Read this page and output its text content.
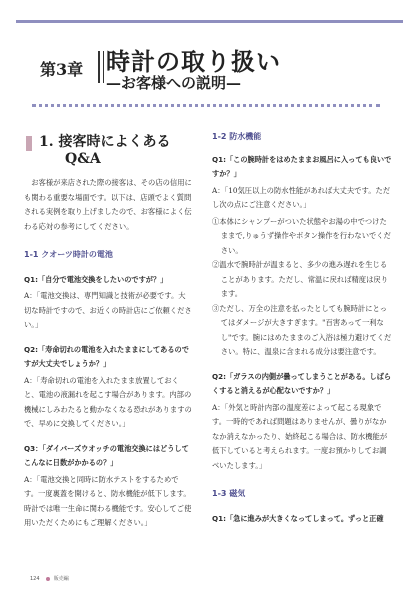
第3章 時計の取り扱い
—お客様への説明—
1. 接客時によくある
Q&A

お客様が来店された際の接客は、その店の信用にも関わる重要な場面です。以下は、店頭でよく質問される実例を取り上げましたので、お客様によく伝わる応対の参考にしてください。

1-1 クオーツ時計の電池

Q1:「自分で電池交換をしたいのですが？」

A：「電池交換は、専門知識と技術が必要です。大切な時計ですので、お近くの時計店にご依頼ください。」

Q2:「寿命切れの電池を入れたままにしてあるのですが大丈夫でしょうか？」

A：「寿命切れの電池を入れたまま放置しておくと、電池の液漏れを起こす場合があります。内部の機械にしみわたると動かなくなる恐れがありますので、早めに交換してください。」

Q3：「ダイバーズウオッチの電池交換にはどうしてこんなに日数がかかるの？」

A：「電池交換と同時に防水テストをするためです。一度裏蓋を開けると、防水機能が低下します。時計では唯一生命に関わる機能です。安心してご使用いただくためにもご理解ください。」

1-2 防水機能

Q1:「この腕時計をはめたままお風呂に入っても良いですか？」

A：「10気圧以上の防水性能があれば大丈夫です。ただし次の点にご注意ください。」

①本体にシャンプーがついた状態やお湯の中でつけたままで,りゅうず操作やボタン操作を行わないでください。

②温水で腕時計が温まると、多少の進み遅れを生じることがあります。ただし、常温に戻れば精度は戻ります。

③ただし、万全の注意を払ったとしても腕時計にとってはダメージが大きすぎます。"百害あって一利なし"です。腕にはめたままのご入浴は極力避けてください。特に、温泉に含まれる成分は要注意です。

Q2:「ガラスの内側が曇ってしまうことがある。しばらくすると消えるが心配ないですか？」

A：「外気と時計内部の温度差によって起こる現象です。一時的であれば問題はありませんが、曇りがなかなか消えなかったり、始終起こる場合は、防水機能が低下していると考えられます。一度お預かりしてお調べいたします。」

1-3 磁気

Q1:「急に進みが大きくなってしまって。ずっと正確

124	販売編
